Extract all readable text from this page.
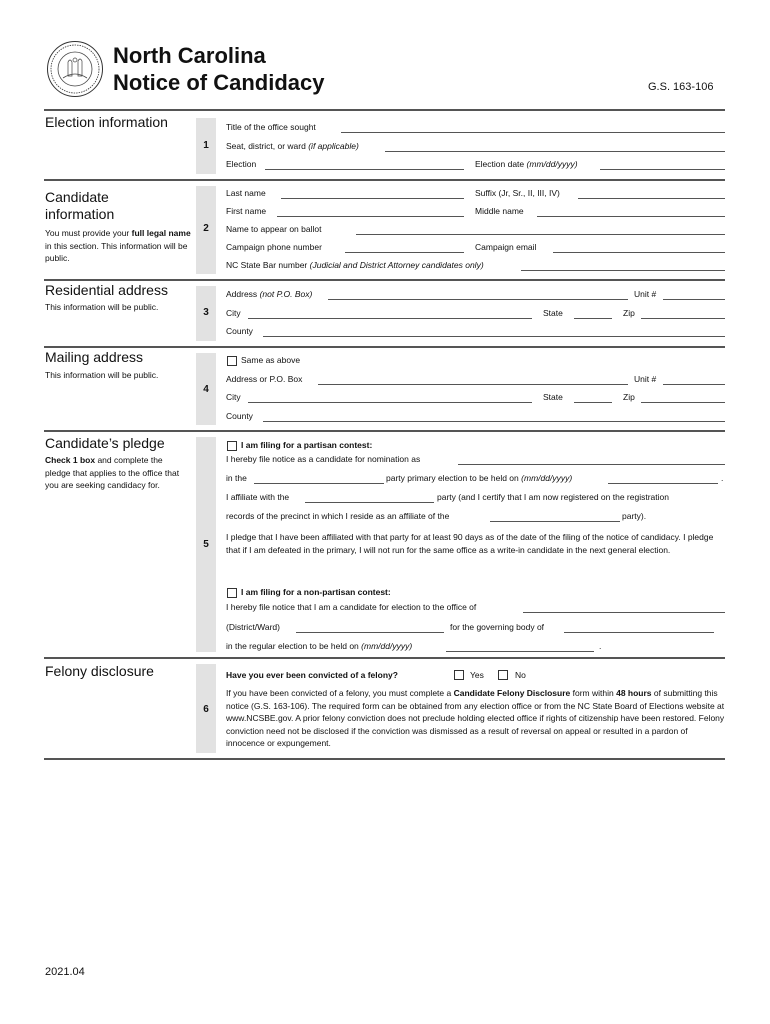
North Carolina
Notice of Candidacy	G.S. 163-106
1
2
3
4
5
6
Election information
Candidate information
You must provide your full legal name in this section. This information will be public.
Residential address
This information will be public.
Mailing address
This information will be public.
Candidate’s pledge
Check 1 box and complete the pledge that applies to the office that you are seeking candidacy for.
Felony disclosure
Title of the office sought
Seat, district, or ward (if applicable)
Election	Election date (mm/dd/yyyy)
Last name	Suffix (Jr, Sr., II, III, IV)
First name	Middle name
Name to appear on ballot
Campaign phone number	Campaign email
NC State Bar number (Judicial and District Attorney candidates only)
Address (not P.O. Box)	Unit #
City	State	Zip
County
Same as above
Address or P.O. Box	Unit #
City	State	Zip
County
I am filing for a partisan contest:
I hereby file notice as a candidate for nomination as
in the	party primary election to be held on (mm/dd/yyyy)	.
I affiliate with the	party (and I certify that I am now registered on the registration
records of the precinct in which I reside as an affiliate of the	party).
I pledge that I have been affiliated with that party for at least 90 days as of the date of the filing of the notice of candidacy. I pledge that if I am defeated in the primary, I will not run for the same office as a write-in candidate in the next general election.
I am filing for a non-partisan contest:
I hereby file notice that I am a candidate for election to the office of
(District/Ward)	for the governing body of
in the regular election to be held on (mm/dd/yyyy)	.
Have you ever been convicted of a felony?	Yes	No
If you have been convicted of a felony, you must complete a Candidate Felony Disclosure form within 48 hours of submitting this notice (G.S. 163-106). The required form can be obtained from any election office or from the NC State Board of Elections website at www.NCSBE.gov. A prior felony conviction does not preclude holding elected office if rights of citizenship have been restored. Felony conviction need not be disclosed if the conviction was dismissed as a result of reversal on appeal or resulted in a pardon of innocence or expungement.
2021.04
